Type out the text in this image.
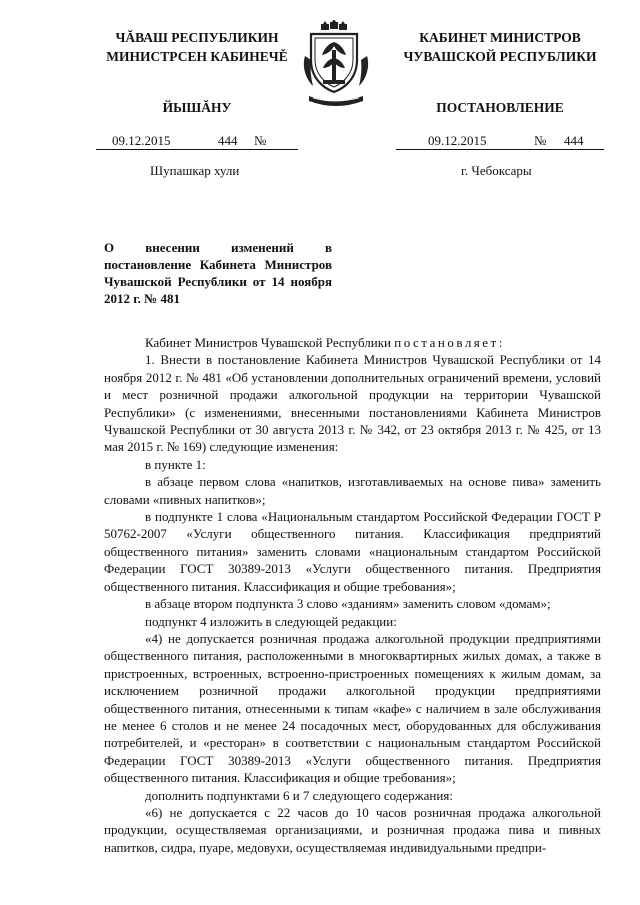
ЧĂВАШ РЕСПУБЛИКИН
МИНИСТРСЕН КАБИНЕЧĚ
ЙЫШĂНУ
09.12.2015	444 №
Шупашкар хули
КАБИНЕТ МИНИСТРОВ
ЧУВАШСКОЙ РЕСПУБЛИКИ
ПОСТАНОВЛЕНИЕ
09.12.2015	№ 444
г. Чебоксары
О внесении изменений в постановление Кабинета Министров Чувашской Республики от 14 ноября 2012 г. № 481

Кабинет Министров Чувашской Республики постановляет:

1. Внести в постановление Кабинета Министров Чувашской Республики от 14 ноября 2012 г. № 481 «Об установлении дополнительных ограничений времени, условий и мест розничной продажи алкогольной продукции на территории Чувашской Республики» (с изменениями, внесенными постановлениями Кабинета Министров Чувашской Республики от 30 августа 2013 г. № 342, от 23 октября 2013 г. № 425, от 13 мая 2015 г. № 169) следующие изменения:

в пункте 1:

в абзаце первом слова «напитков, изготавливаемых на основе пива» заменить словами «пивных напитков»;

в подпункте 1 слова «Национальным стандартом Российской Федерации ГОСТ Р 50762-2007 «Услуги общественного питания. Классификация предприятий общественного питания» заменить словами «национальным стандартом Российской Федерации ГОСТ 30389-2013 «Услуги общественного питания. Предприятия общественного питания. Классификация и общие требования»;

в абзаце втором подпункта 3 слово «зданиям» заменить словом «домам»;

подпункт 4 изложить в следующей редакции:

«4) не допускается розничная продажа алкогольной продукции предприятиями общественного питания, расположенными в многоквартирных жилых домах, а также в пристроенных, встроенных, встроенно-пристроенных помещениях к жилым домам, за исключением розничной продажи алкогольной продукции предприятиями общественного питания, отнесенными к типам «кафе» с наличием в зале обслуживания не менее 6 столов и не менее 24 посадочных мест, оборудованных для обслуживания потребителей, и «ресторан» в соответствии с национальным стандартом Российской Федерации ГОСТ 30389-2013 «Услуги общественного питания. Предприятия общественного питания. Классификация и общие требования»;

дополнить подпунктами 6 и 7 следующего содержания:

«6) не допускается с 22 часов до 10 часов розничная продажа алкогольной продукции, осуществляемая организациями, и розничная продажа пива и пивных напитков, сидра, пуаре, медовухи, осуществляемая индивидуальными предпри-
